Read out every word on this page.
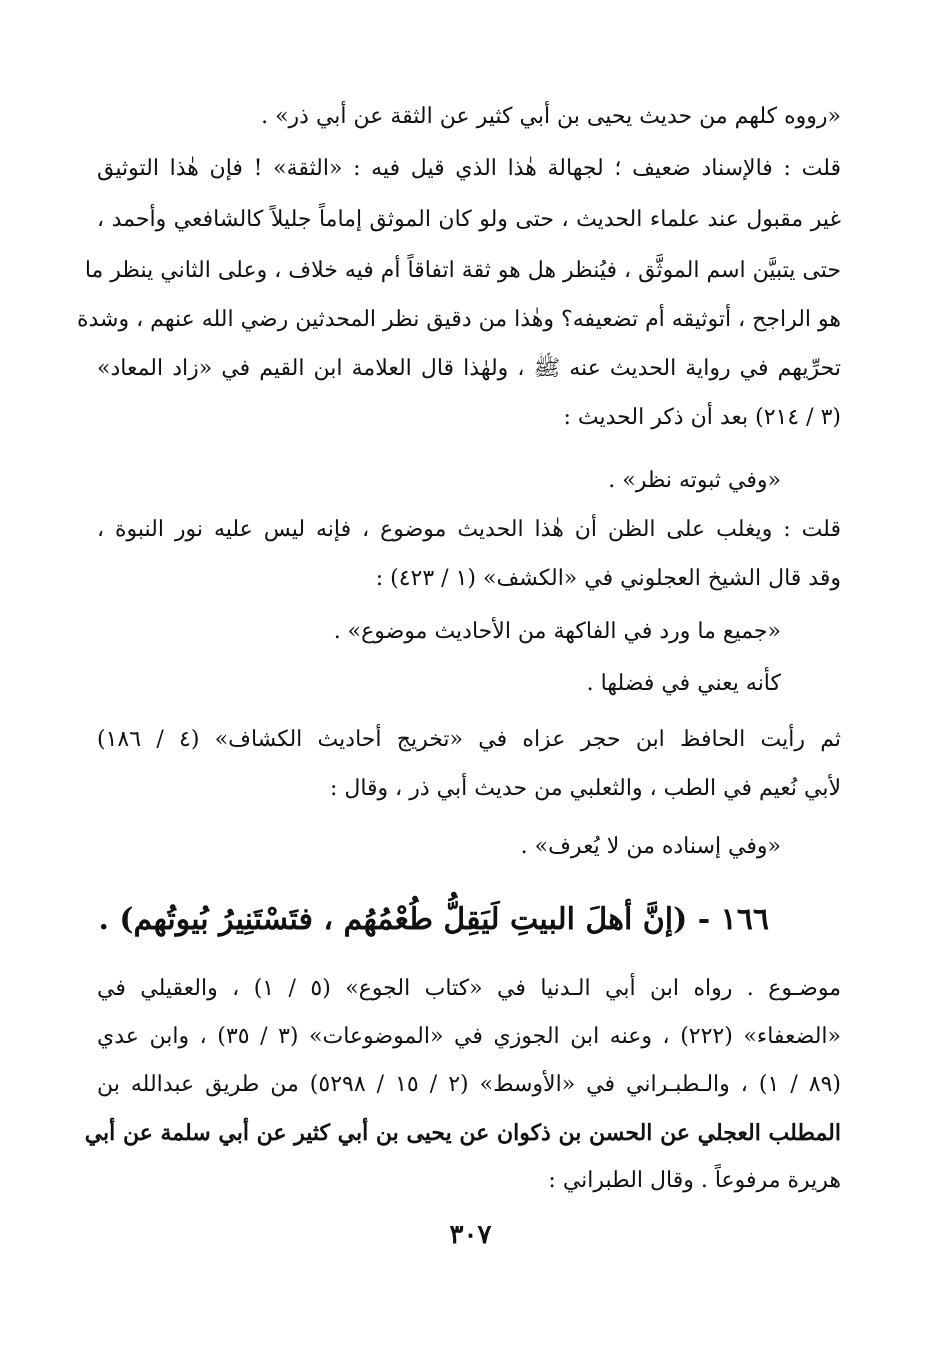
«رووه كلهم من حديث يحيى بن أبي كثير عن الثقة عن أبي ذر» .
قلت : فالإسناد ضعيف ؛ لجهالة هٰذا الذي قيل فيه : «الثقة» ! فإن هٰذا التوثيق
غير مقبول عند علماء الحديث ، حتى ولو كان الموثق إماماً جليلاً كالشافعي وأحمد ،
حتى يتبيَّن اسم الموثَّق ، فيُنظر هل هو ثقة اتفاقاً أم فيه خلاف ، وعلى الثاني ينظر ما
هو الراجح ، أتوثيقه أم تضعيفه؟ وهٰذا من دقيق نظر المحدثين رضي الله عنهم ، وشدة
تحرِّيهم في رواية الحديث عنه ﷺ ، ولهٰذا قال العلامة ابن القيم في «زاد المعاد»
(٣ / ٢١٤) بعد أن ذكر الحديث :
«وفي ثبوته نظر» .
قلت : ويغلب على الظن أن هٰذا الحديث موضوع ، فإنه ليس عليه نور النبوة ،
وقد قال الشيخ العجلوني في «الكشف» (١ / ٤٢٣) :
«جميع ما ورد في الفاكهة من الأحاديث موضوع» .
كأنه يعني في فضلها .
ثم رأيت الحافظ ابن حجر عزاه في «تخريج أحاديث الكشاف» (٤ / ١٨٦)
لأبي نُعيم في الطب ، والثعلبي من حديث أبي ذر ، وقال :
«وفي إسناده من لا يُعرف» .
١٦٦ - (إنَّ أهلَ البيتِ لَيَقِلُّ طُعْمُهُم ، فتَسْتَنِيرُ بُيوتُهم) .
موضـوع . رواه ابن أبي الـدنيا في «كتاب الجوع» (٥ / ١) ، والعقيلي في
«الضعفاء» (٢٢٢) ، وعنه ابن الجوزي في «الموضوعات» (٣ / ٣٥) ، وابن عدي
(٨٩ / ١) ، والـطبـراني في «الأوسط» (٢ / ١٥ / ٥٢٩٨) من طريق عبدالله بن
المطلب العجلي عن الحسن بن ذكوان عن يحيى بن أبي كثير عن أبي سلمة عن أبي
هريرة مرفوعاً . وقال الطبراني :
٣٠٧
